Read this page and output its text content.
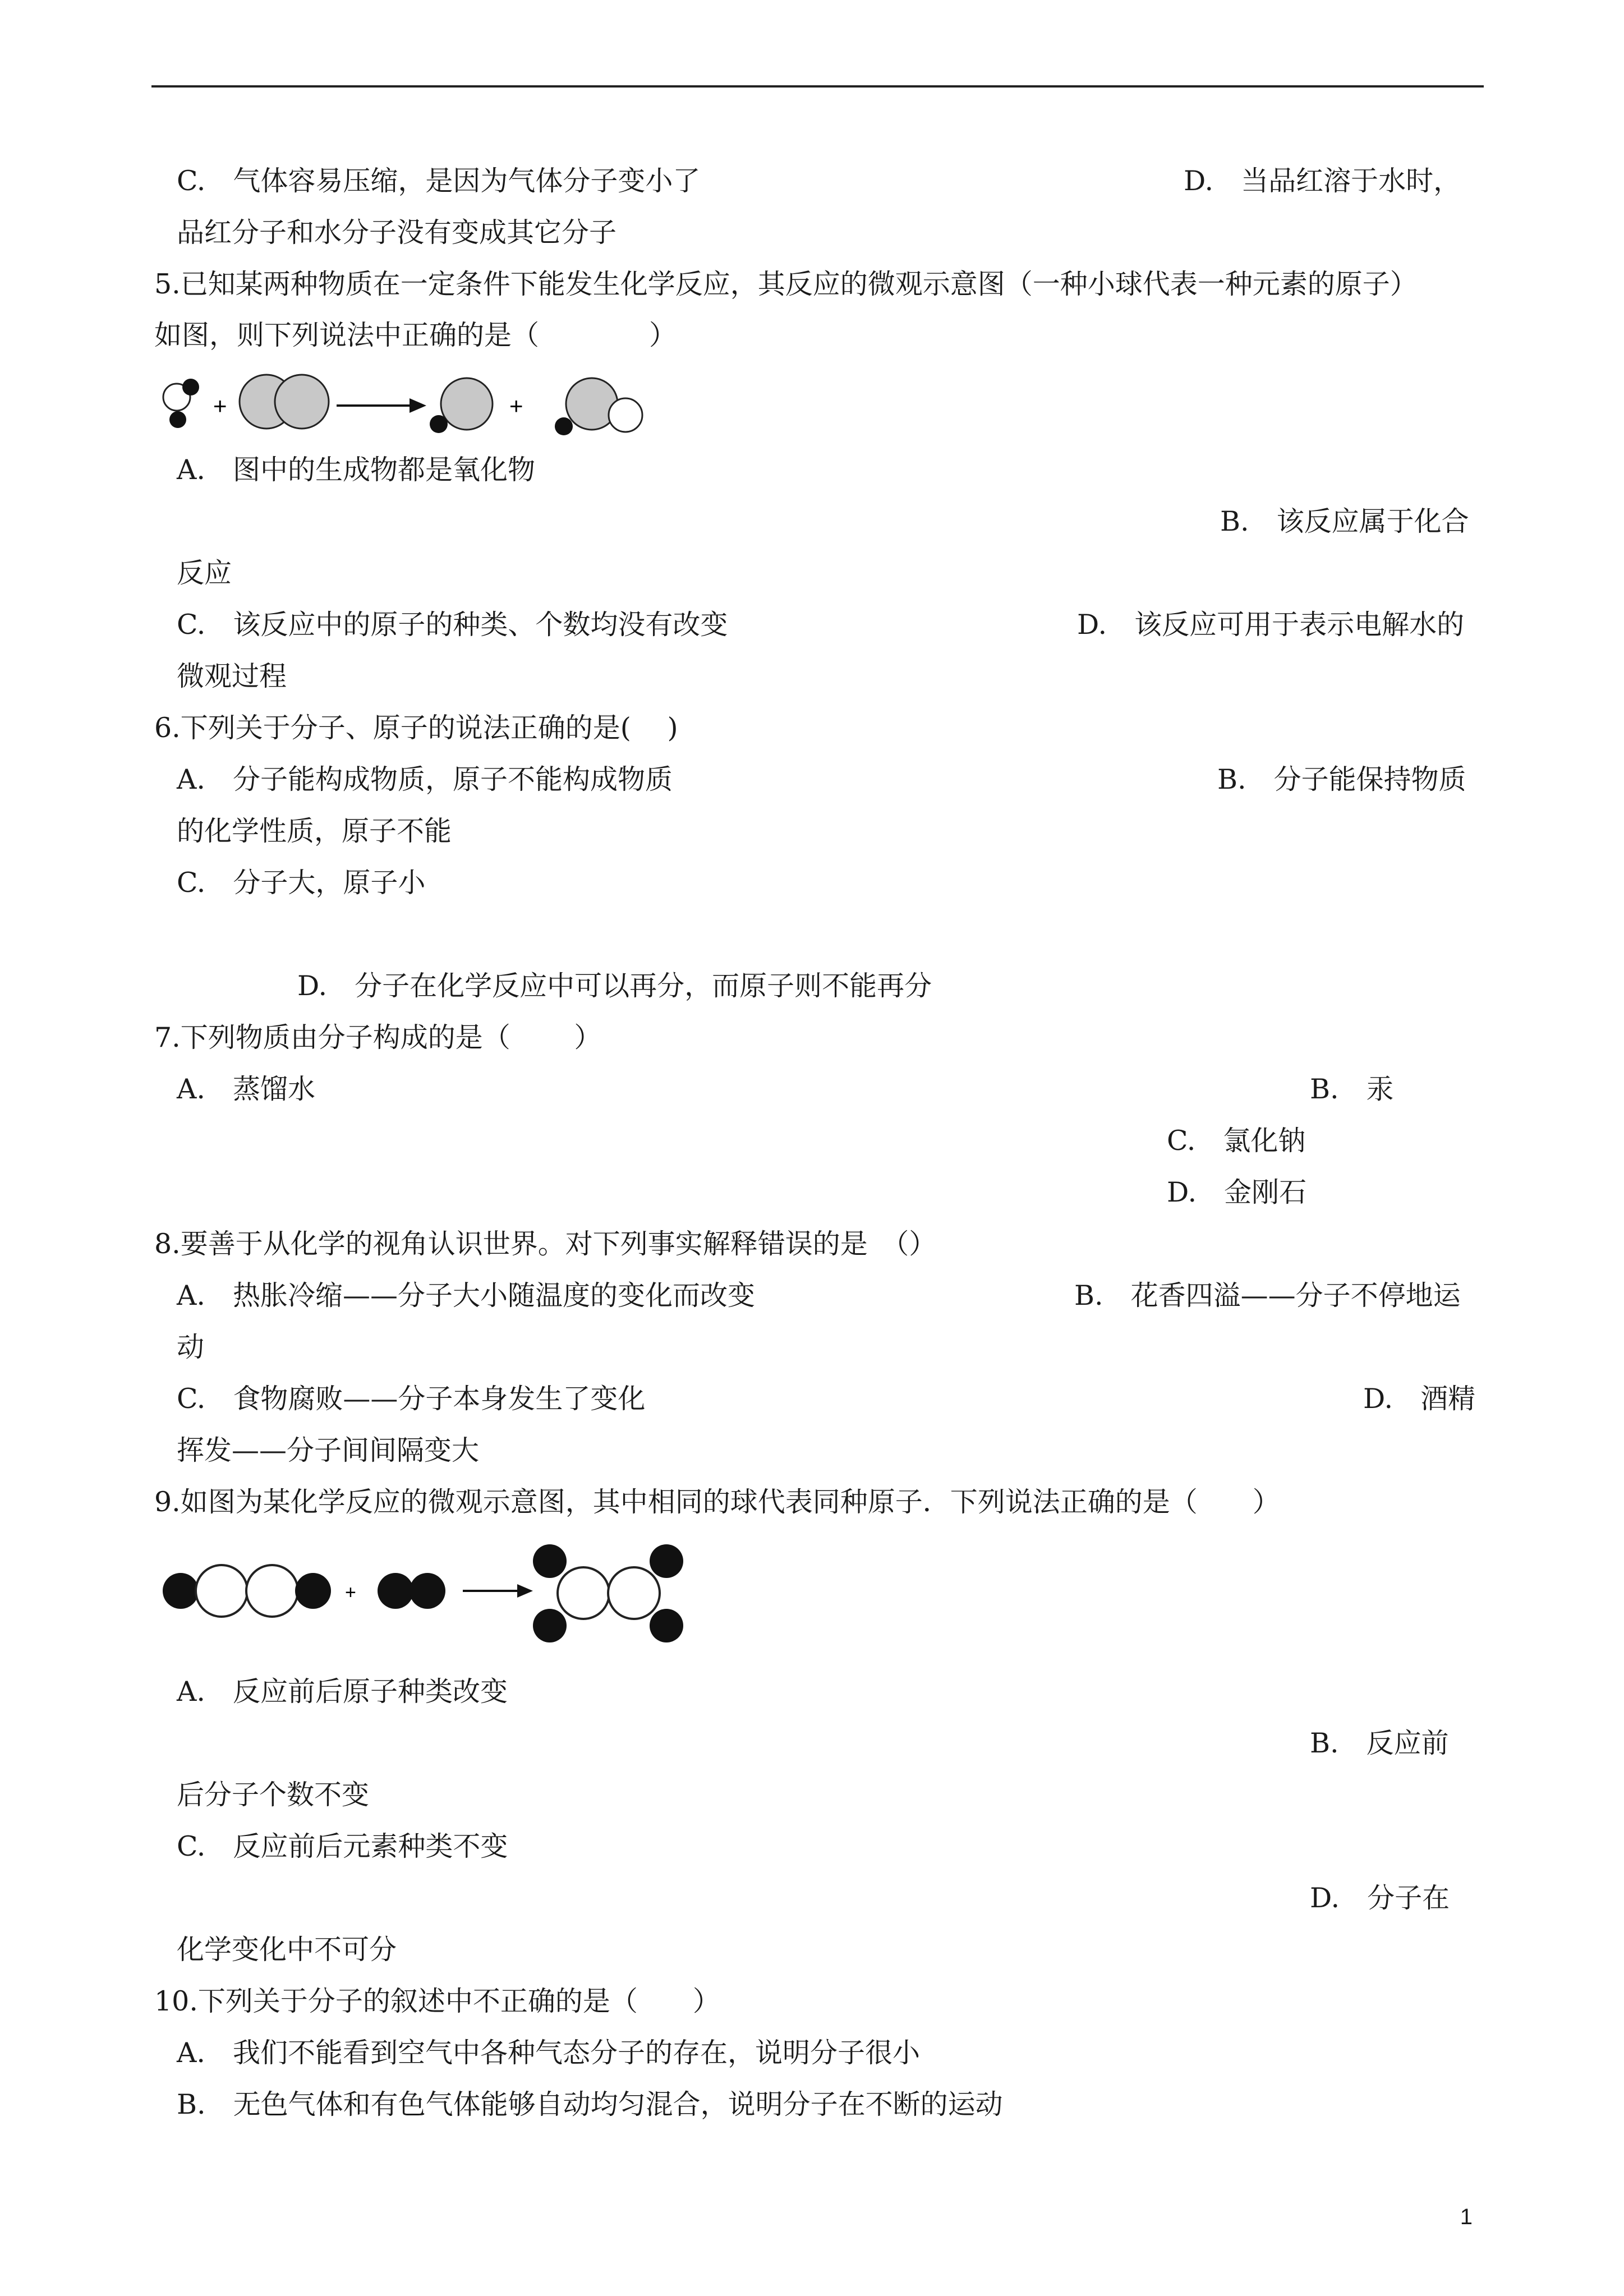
C.　气体容易压缩，是因为气体分子变小了	D.　当品红溶于水时，
品红分子和水分子没有变成其它分子
5.已知某两种物质在一定条件下能发生化学反应，其反应的微观示意图（一种小球代表一种元素的原子）
如图，则下列说法中正确的是（　　　　）
+	+
A.　图中的生成物都是氧化物
B.　该反应属于化合
反应
C.　该反应中的原子的种类、个数均没有改变	D.　该反应可用于表示电解水的
微观过程
6.下列关于分子、原子的说法正确的是(　 )
A.　分子能构成物质，原子不能构成物质	B.　分子能保持物质
的化学性质，原子不能
C.　分子大，原子小
D.　分子在化学反应中可以再分，而原子则不能再分
7.下列物质由分子构成的是（　　 ）
A.　蒸馏水	B.　汞
C.　氯化钠
D.　金刚石
8.要善于从化学的视角认识世界。对下列事实解释错误的是　（）
A.　热胀冷缩——分子大小随温度的变化而改变	B.　花香四溢——分子不停地运
动
C.　食物腐败——分子本身发生了变化	D.　酒精
挥发——分子间间隔变大
9.如图为某化学反应的微观示意图，其中相同的球代表同种原子．下列说法正确的是（　　）
+
A.　反应前后原子种类改变
B.　反应前
后分子个数不变
C.　反应前后元素种类不变
D.　分子在
化学变化中不可分
10.下列关于分子的叙述中不正确的是（　　）
A.　我们不能看到空气中各种气态分子的存在，说明分子很小
B.　无色气体和有色气体能够自动均匀混合，说明分子在不断的运动
1
